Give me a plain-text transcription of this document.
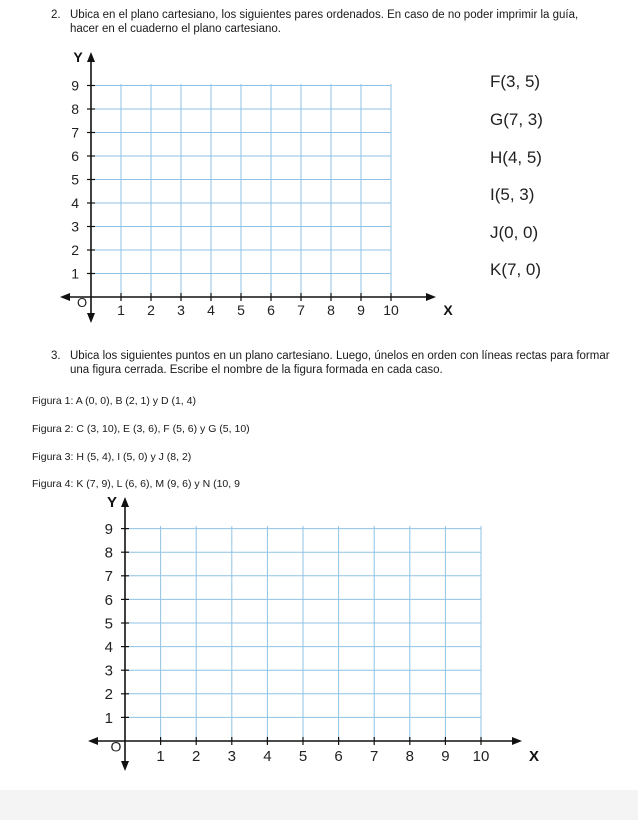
2. Ubica en el plano cartesiano, los siguientes pares ordenados. En caso de no poder imprimir la guía, hacer en el cuaderno el plano cartesiano.
F(3, 5)
G(7, 3)
H(4, 5)
I(5, 3)
J(0, 0)
K(7, 0)
3. Ubica los siguientes puntos en un plano cartesiano. Luego, únelos en orden con líneas rectas para formar una figura cerrada. Escribe el nombre de la figura formada en cada caso.
Figura 1: A (0, 0), B (2, 1) y D (1, 4)
Figura 2: C (3, 10), E (3, 6), F (5, 6) y G (5, 10)
Figura 3: H (5, 4), I (5, 0) y J (8, 2)
Figura 4: K (7, 9), L (6, 6), M (9, 6) y N (10, 9
1 2 3 4 5 6 7 8 9 10
1
2
3
4
5
6
7
8
9
O
Y
X
1 2 3 4 5 6 7 8 9 10
1
2
3
4
5
6
7
8
9
O
Y
X
